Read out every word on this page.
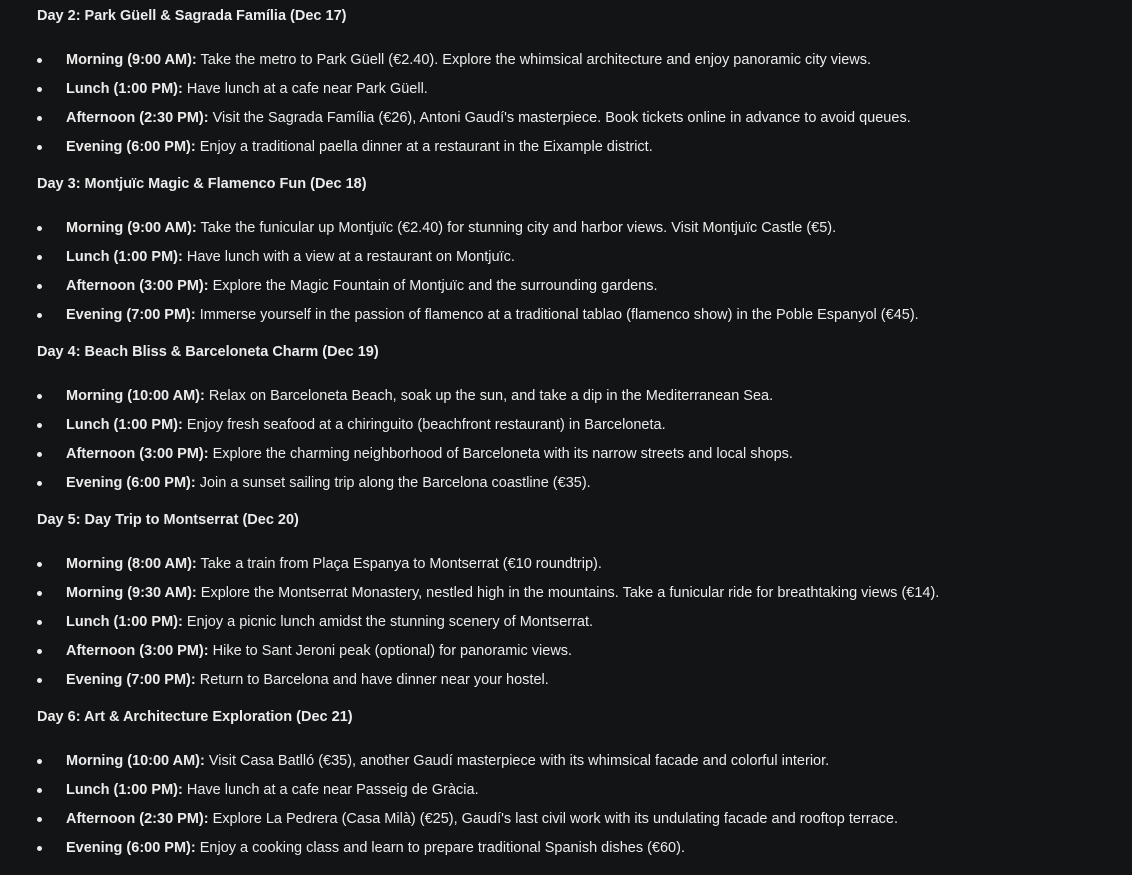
Day 2: Park Güell & Sagrada Família (Dec 17)
Morning (9:00 AM): Take the metro to Park Güell (€2.40). Explore the whimsical architecture and enjoy panoramic city views.
Lunch (1:00 PM): Have lunch at a cafe near Park Güell.
Afternoon (2:30 PM): Visit the Sagrada Família (€26), Antoni Gaudí's masterpiece. Book tickets online in advance to avoid queues.
Evening (6:00 PM): Enjoy a traditional paella dinner at a restaurant in the Eixample district.
Day 3: Montjuïc Magic & Flamenco Fun (Dec 18)
Morning (9:00 AM): Take the funicular up Montjuïc (€2.40) for stunning city and harbor views. Visit Montjuïc Castle (€5).
Lunch (1:00 PM): Have lunch with a view at a restaurant on Montjuïc.
Afternoon (3:00 PM): Explore the Magic Fountain of Montjuïc and the surrounding gardens.
Evening (7:00 PM): Immerse yourself in the passion of flamenco at a traditional tablao (flamenco show) in the Poble Espanyol (€45).
Day 4: Beach Bliss & Barceloneta Charm (Dec 19)
Morning (10:00 AM): Relax on Barceloneta Beach, soak up the sun, and take a dip in the Mediterranean Sea.
Lunch (1:00 PM): Enjoy fresh seafood at a chiringuito (beachfront restaurant) in Barceloneta.
Afternoon (3:00 PM): Explore the charming neighborhood of Barceloneta with its narrow streets and local shops.
Evening (6:00 PM): Join a sunset sailing trip along the Barcelona coastline (€35).
Day 5: Day Trip to Montserrat (Dec 20)
Morning (8:00 AM): Take a train from Plaça Espanya to Montserrat (€10 roundtrip).
Morning (9:30 AM): Explore the Montserrat Monastery, nestled high in the mountains. Take a funicular ride for breathtaking views (€14).
Lunch (1:00 PM): Enjoy a picnic lunch amidst the stunning scenery of Montserrat.
Afternoon (3:00 PM): Hike to Sant Jeroni peak (optional) for panoramic views.
Evening (7:00 PM): Return to Barcelona and have dinner near your hostel.
Day 6: Art & Architecture Exploration (Dec 21)
Morning (10:00 AM): Visit Casa Batlló (€35), another Gaudí masterpiece with its whimsical facade and colorful interior.
Lunch (1:00 PM): Have lunch at a cafe near Passeig de Gràcia.
Afternoon (2:30 PM): Explore La Pedrera (Casa Milà) (€25), Gaudí's last civil work with its undulating facade and rooftop terrace.
Evening (6:00 PM): Enjoy a cooking class and learn to prepare traditional Spanish dishes (€60).
